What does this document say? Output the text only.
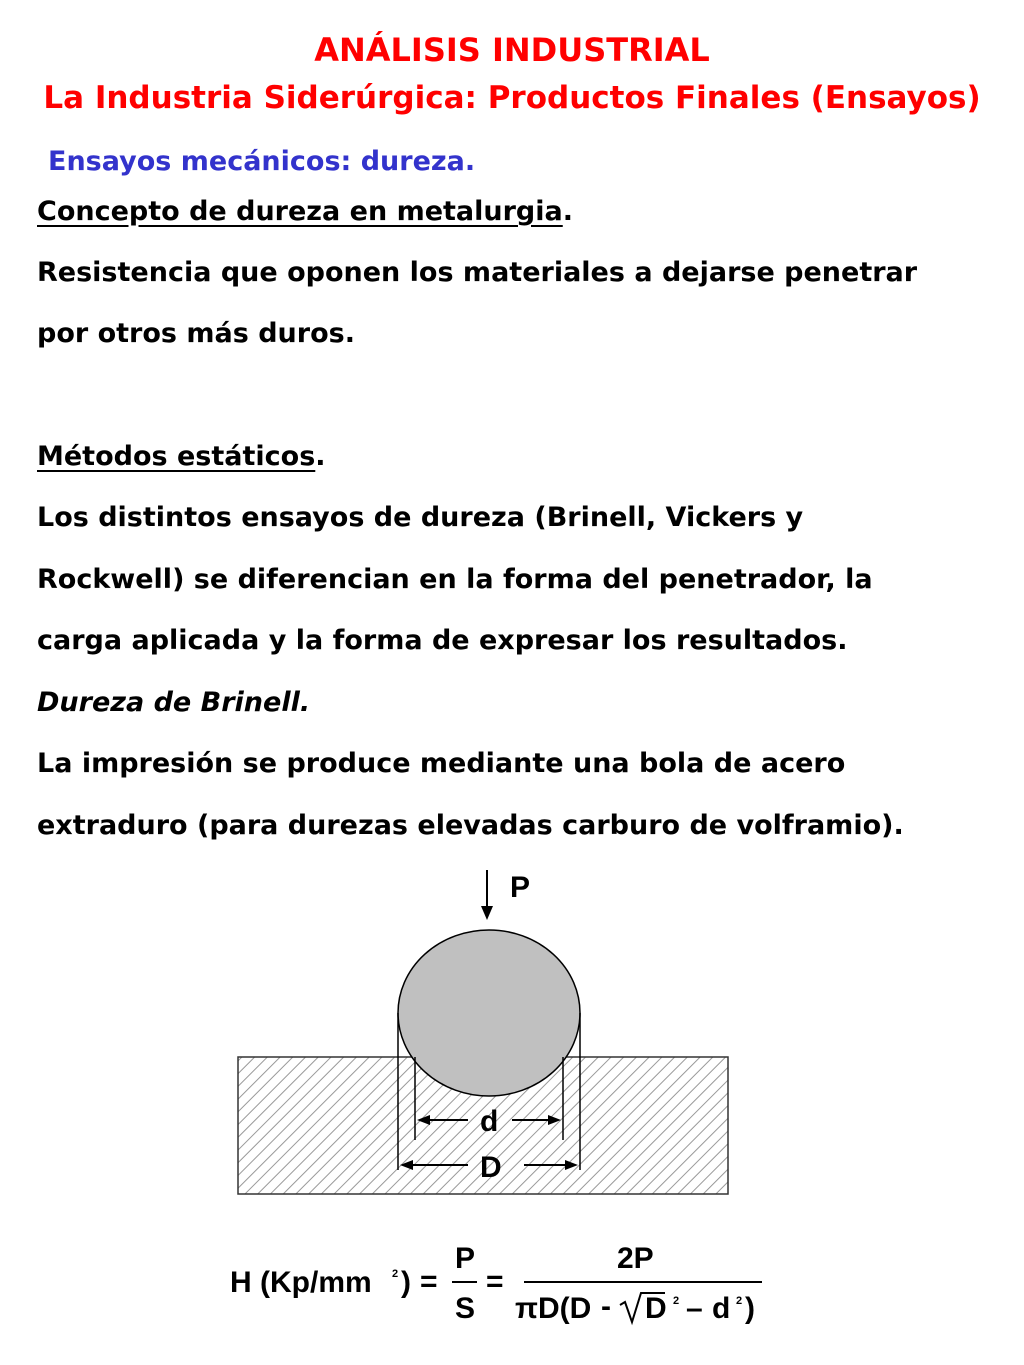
ANÁLISIS INDUSTRIAL
La Industria Siderúrgica: Productos Finales (Ensayos)
Ensayos mecánicos: dureza.
Concepto de dureza en metalurgia.
Resistencia que oponen los materiales a dejarse penetrar
por otros más duros.
Métodos estáticos.
Los distintos ensayos de dureza (Brinell, Vickers y
Rockwell) se diferencian en la forma del penetrador, la
carga aplicada y la forma de expresar los resultados.
Dureza de Brinell.
La impresión se produce mediante una bola de acero
extraduro (para durezas elevadas carburo de volframio).
P
d
D
H (Kp/mm 2 ) =
P
S
=
2P
πD(D - D 2 – d 2 )
